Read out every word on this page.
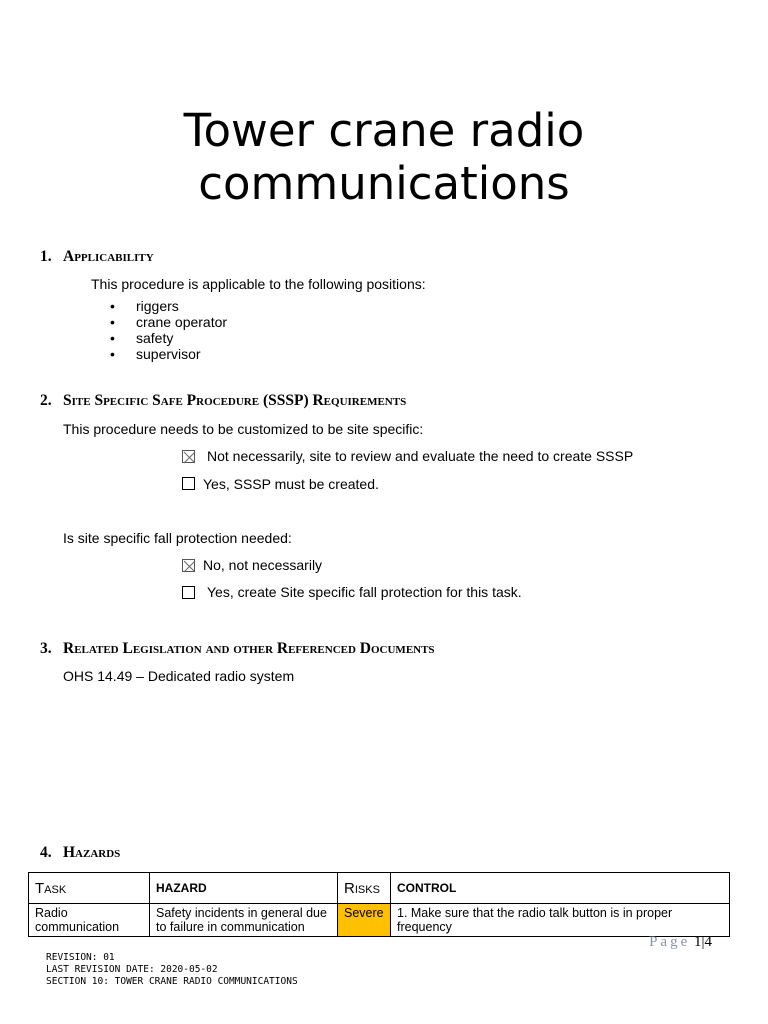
Tower crane radio communications
1. Applicability
This procedure is applicable to the following positions:
• riggers
• crane operator
• safety
• supervisor
2. Site Specific Safe Procedure (SSSP) Requirements
This procedure needs to be customized to be site specific:
Not necessarily, site to review and evaluate the need to create SSSP
Yes, SSSP must be created.
Is site specific fall protection needed:
No, not necessarily
Yes, create Site specific fall protection for this task.
3. Related Legislation and other Referenced Documents
OHS 14.49 – Dedicated radio system
4. Hazards
Task	HAZARD	Risks	CONTROL
Radio communication	Safety incidents in general due to failure in communication	Severe	1. Make sure that the radio talk button is in proper frequency
Page 1|4
REVISION: 01
LAST REVISION DATE: 2020-05-02
SECTION 10: TOWER CRANE RADIO COMMUNICATIONS
